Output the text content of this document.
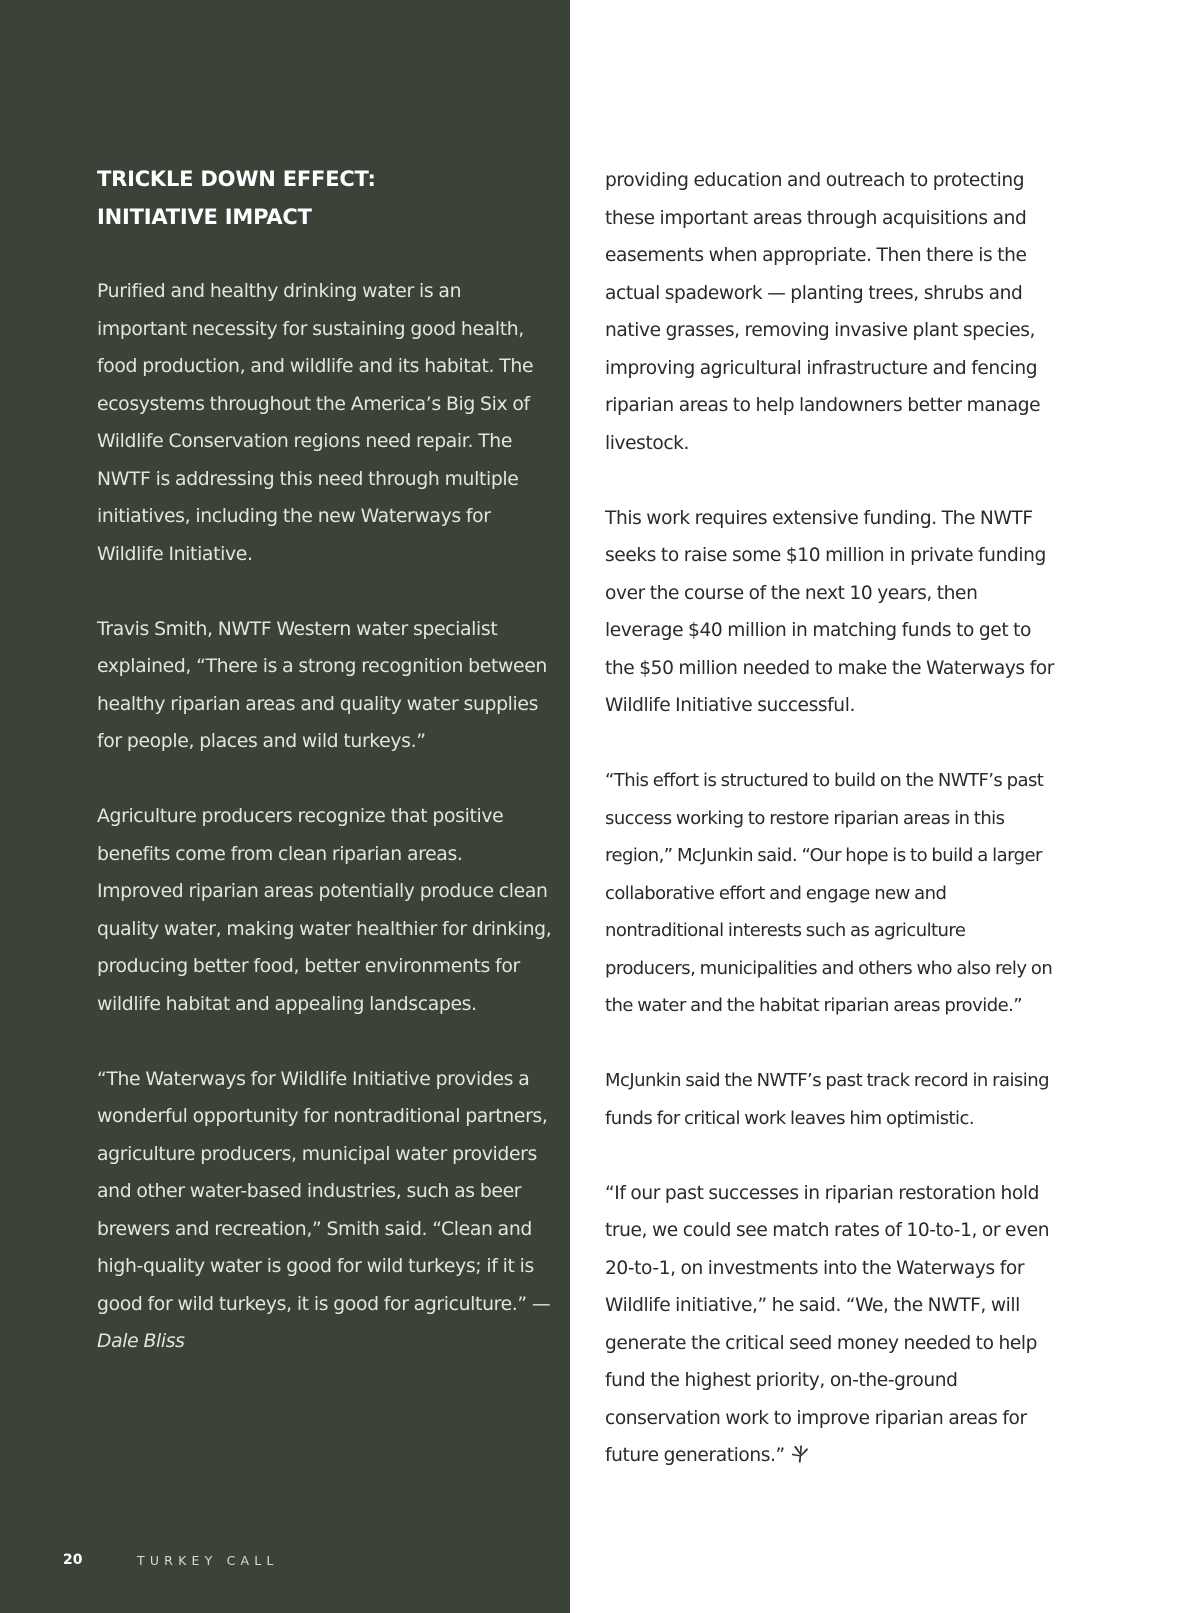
TRICKLE DOWN EFFECT:
INITIATIVE IMPACT

Purified and healthy drinking water is an important necessity for sustaining good health, food production, and wildlife and its habitat. The ecosystems throughout the America’s Big Six of Wildlife Conservation regions need repair. The NWTF is addressing this need through multiple initiatives, including the new Waterways for Wildlife Initiative.

Travis Smith, NWTF Western water specialist explained, “There is a strong recognition between healthy riparian areas and quality water supplies for people, places and wild turkeys.”

Agriculture producers recognize that positive benefits come from clean riparian areas. Improved riparian areas potentially produce clean quality water, making water healthier for drinking, producing better food, better environments for wildlife habitat and appealing landscapes.

“The Waterways for Wildlife Initiative provides a wonderful opportunity for nontraditional partners, agriculture producers, municipal water providers and other water-based industries, such as beer brewers and recreation,” Smith said. “Clean and high-quality water is good for wild turkeys; if it is good for wild turkeys, it is good for agriculture.” — Dale Bliss

20	TURKEY CALL

providing education and outreach to protecting these important areas through acquisitions and easements when appropriate. Then there is the actual spadework — planting trees, shrubs and native grasses, removing invasive plant species, improving agricultural infrastructure and fencing riparian areas to help landowners better manage livestock.

This work requires extensive funding. The NWTF seeks to raise some $10 million in private funding over the course of the next 10 years, then leverage $40 million in matching funds to get to the $50 million needed to make the Waterways for Wildlife Initiative successful.

“This effort is structured to build on the NWTF’s past success working to restore riparian areas in this region,” McJunkin said. “Our hope is to build a larger collaborative effort and engage new and nontraditional interests such as agriculture producers, municipalities and others who also rely on the water and the habitat riparian areas provide.”

McJunkin said the NWTF’s past track record in raising funds for critical work leaves him optimistic.

“If our past successes in riparian restoration hold true, we could see match rates of 10-to-1, or even 20-to-1, on investments into the Waterways for Wildlife initiative,” he said. “We, the NWTF, will generate the critical seed money needed to help fund the highest priority, on-the-ground conservation work to improve riparian areas for future generations.”
